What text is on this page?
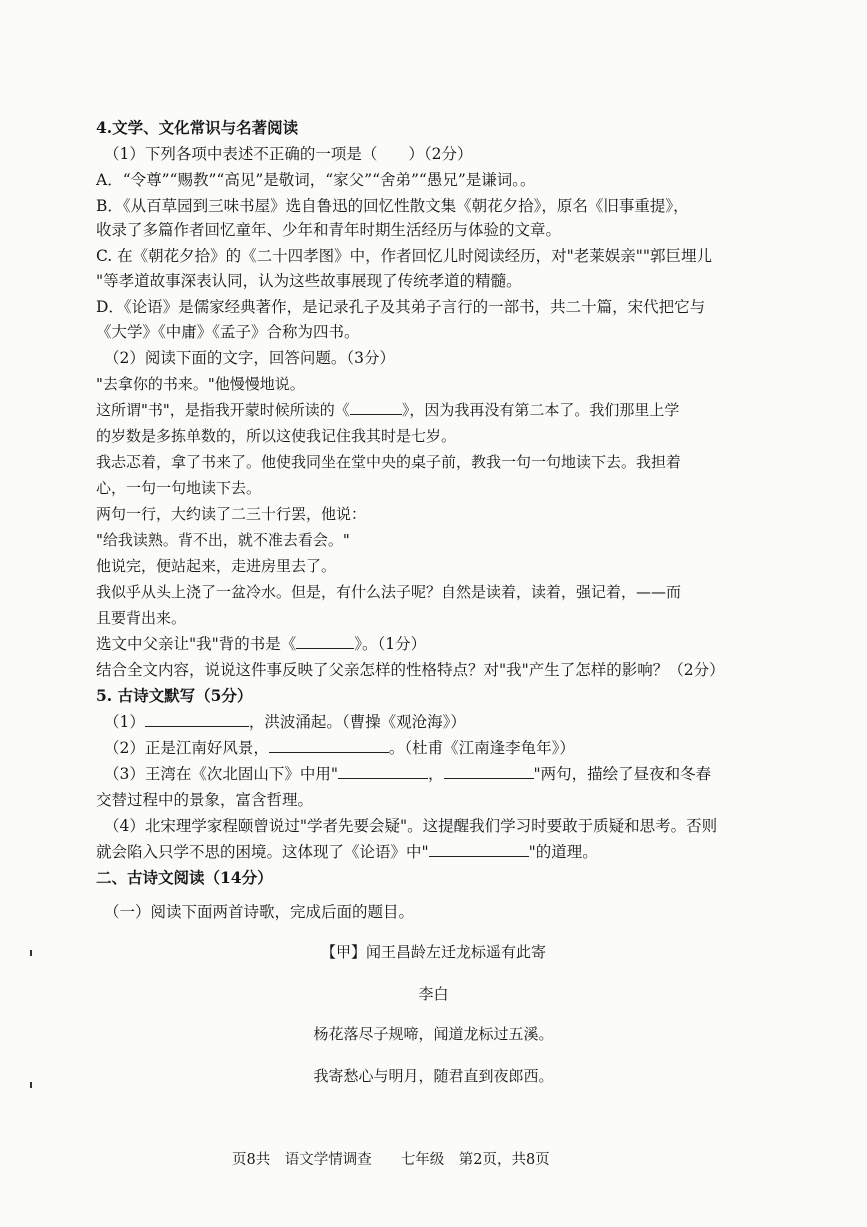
4.文学、文化常识与名著阅读
（1）下列各项中表述不正确的一项是（　　）（2分）
A．“令尊”“赐教”“高见”是敬词，“家父”“舍弟”“愚兄”是谦词。。
B．《从百草园到三味书屋》选自鲁迅的回忆性散文集《朝花夕拾》，原名《旧事重提》，
收录了多篇作者回忆童年、少年和青年时期生活经历与体验的文章。
C. 在《朝花夕拾》的《二十四孝图》中，作者回忆儿时阅读经历，对"老莱娱亲""郭巨埋儿
"等孝道故事深表认同，认为这些故事展现了传统孝道的精髓。
D．《论语》是儒家经典著作，是记录孔子及其弟子言行的一部书，共二十篇，宋代把它与
《大学》《中庸》《孟子》合称为四书。
（2）阅读下面的文字，回答问题。（3分）
"去拿你的书来。"他慢慢地说。
这所谓"书"，是指我开蒙时候所读的《	》，因为我再没有第二本了。我们那里上学
的岁数是多拣单数的，所以这使我记住我其时是七岁。
我忐忑着，拿了书来了。他使我同坐在堂中央的桌子前，教我一句一句地读下去。我担着
心，一句一句地读下去。
两句一行，大约读了二三十行罢，他说：
"给我读熟。背不出，就不准去看会。"
他说完，便站起来，走进房里去了。
我似乎从头上浇了一盆冷水。但是，有什么法子呢？自然是读着，读着，强记着，——而
且要背出来。
选文中父亲让"我"背的书是《	》。（1分）
结合全文内容，说说这件事反映了父亲怎样的性格特点？对"我"产生了怎样的影响？（2分）
5. 古诗文默写（5分）
（1）	，洪波涌起。（曹操《观沧海》）
（2）正是江南好风景，	。（杜甫《江南逢李龟年》）
（3）王湾在《次北固山下》中用"	，	"两句，描绘了昼夜和冬春
交替过程中的景象，富含哲理。
（4）北宋理学家程颐曾说过"学者先要会疑"。这提醒我们学习时要敢于质疑和思考。否则
就会陷入只学不思的困境。这体现了《论语》中"	"的道理。
二、古诗文阅读（14分）
（一）阅读下面两首诗歌，完成后面的题目。
【甲】闻王昌龄左迁龙标遥有此寄
李白
杨花落尽子规啼，闻道龙标过五溪。
我寄愁心与明月，随君直到夜郎西。
页8共　语文学情调查　　七年级　第2页，共8页
